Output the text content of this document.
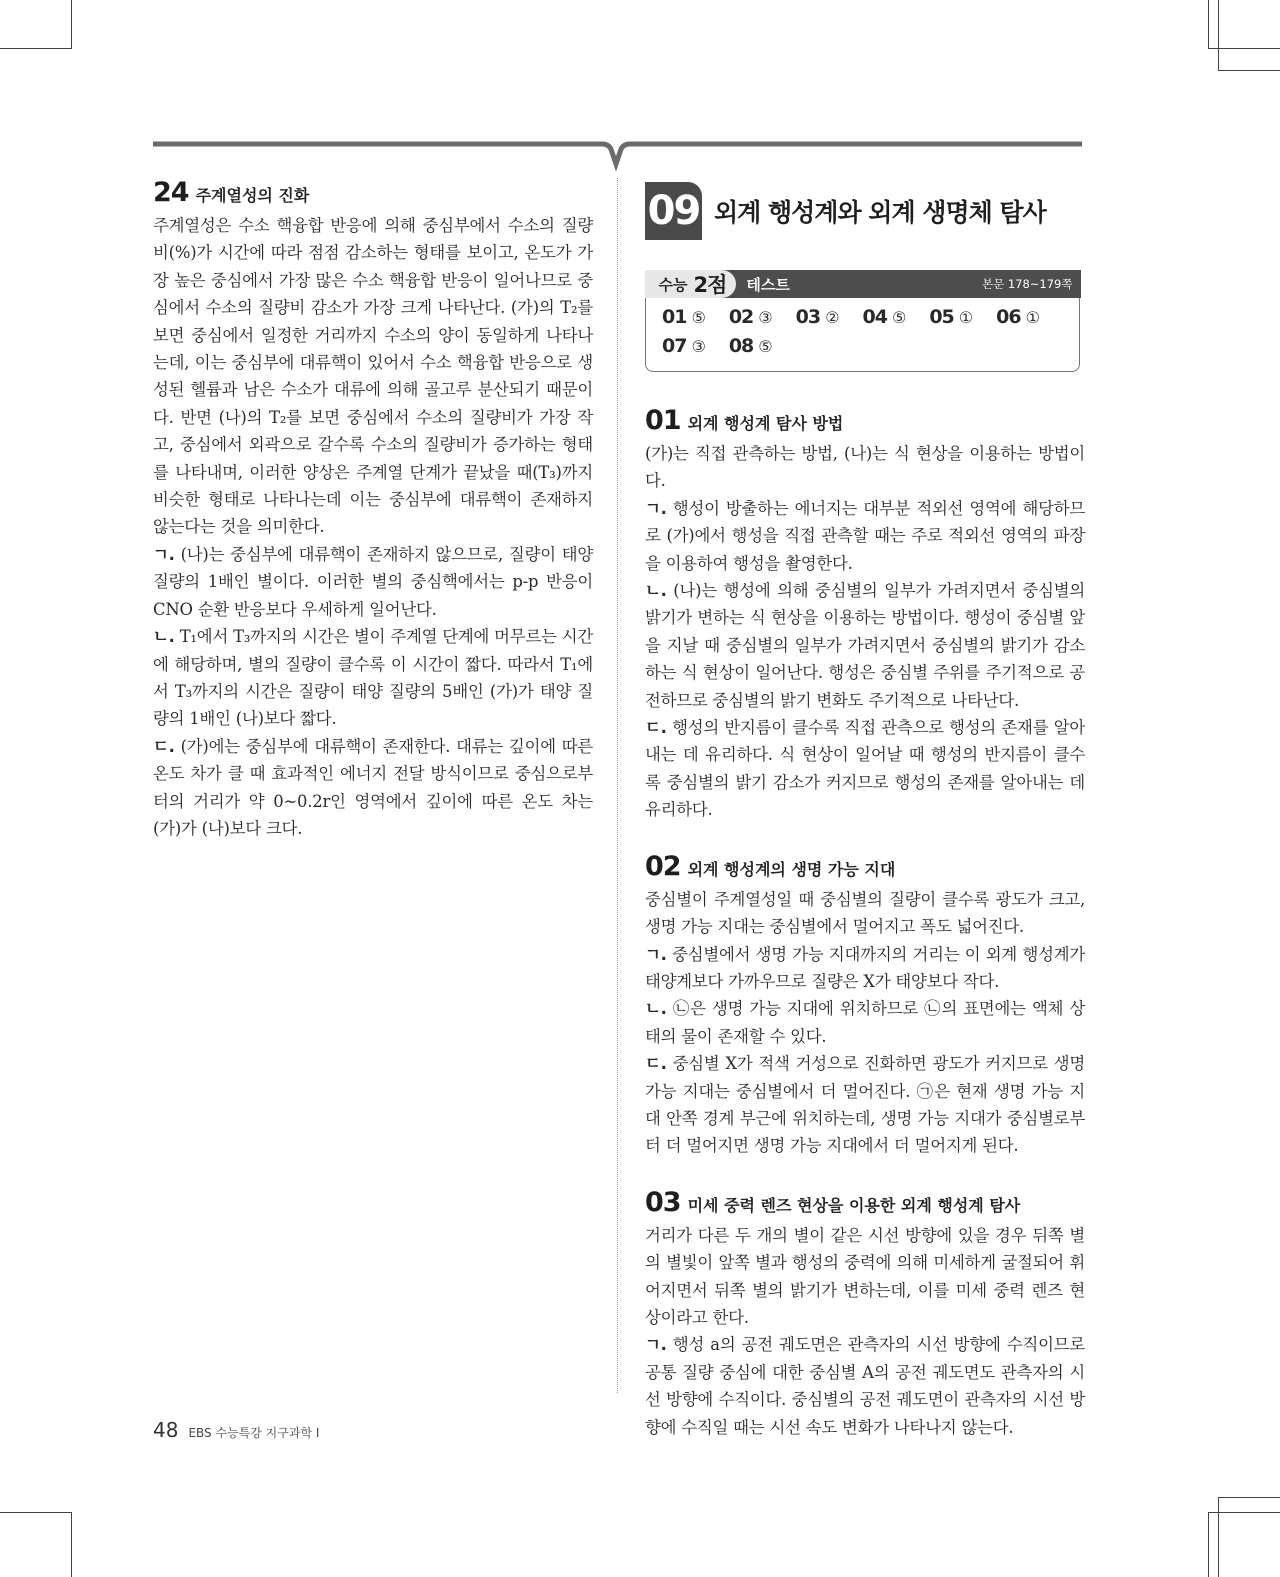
24 주계열성의 진화

주계열성은 수소 핵융합 반응에 의해 중심부에서 수소의 질량비(%)가 시간에 따라 점점 감소하는 형태를 보이고, 온도가 가장 높은 중심에서 가장 많은 수소 핵융합 반응이 일어나므로 중심에서 수소의 질량비 감소가 가장 크게 나타난다. (가)의 T₂를 보면 중심에서 일정한 거리까지 수소의 양이 동일하게 나타나는데, 이는 중심부에 대류핵이 있어서 수소 핵융합 반응으로 생성된 헬륨과 남은 수소가 대류에 의해 골고루 분산되기 때문이다. 반면 (나)의 T₂를 보면 중심에서 수소의 질량비가 가장 작고, 중심에서 외곽으로 갈수록 수소의 질량비가 증가하는 형태를 나타내며, 이러한 양상은 주계열 단계가 끝났을 때(T₃)까지 비슷한 형태로 나타나는데 이는 중심부에 대류핵이 존재하지 않는다는 것을 의미한다.

ㄱ. (나)는 중심부에 대류핵이 존재하지 않으므로, 질량이 태양 질량의 1배인 별이다. 이러한 별의 중심핵에서는 p-p 반응이 CNO 순환 반응보다 우세하게 일어난다.

ㄴ. T₁에서 T₃까지의 시간은 별이 주계열 단계에 머무르는 시간에 해당하며, 별의 질량이 클수록 이 시간이 짧다. 따라서 T₁에서 T₃까지의 시간은 질량이 태양 질량의 5배인 (가)가 태양 질량의 1배인 (나)보다 짧다.

ㄷ. (가)에는 중심부에 대류핵이 존재한다. 대류는 깊이에 따른 온도 차가 클 때 효과적인 에너지 전달 방식이므로 중심으로부터의 거리가 약 0~0.2r인 영역에서 깊이에 따른 온도 차는 (가)가 (나)보다 크다.

09 외계 행성계와 외계 생명체 탐사
수능 2점 테스트	본문 178~179쪽
01 ⑤	02 ③	03 ②	04 ⑤	05 ①	06 ①
07 ③	08 ⑤
01 외계 행성계 탐사 방법

(가)는 직접 관측하는 방법, (나)는 식 현상을 이용하는 방법이다.

ㄱ. 행성이 방출하는 에너지는 대부분 적외선 영역에 해당하므로 (가)에서 행성을 직접 관측할 때는 주로 적외선 영역의 파장을 이용하여 행성을 촬영한다.

ㄴ. (나)는 행성에 의해 중심별의 일부가 가려지면서 중심별의 밝기가 변하는 식 현상을 이용하는 방법이다. 행성이 중심별 앞을 지날 때 중심별의 일부가 가려지면서 중심별의 밝기가 감소하는 식 현상이 일어난다. 행성은 중심별 주위를 주기적으로 공전하므로 중심별의 밝기 변화도 주기적으로 나타난다.

ㄷ. 행성의 반지름이 클수록 직접 관측으로 행성의 존재를 알아내는 데 유리하다. 식 현상이 일어날 때 행성의 반지름이 클수록 중심별의 밝기 감소가 커지므로 행성의 존재를 알아내는 데 유리하다.

02 외계 행성계의 생명 가능 지대

중심별이 주계열성일 때 중심별의 질량이 클수록 광도가 크고, 생명 가능 지대는 중심별에서 멀어지고 폭도 넓어진다.

ㄱ. 중심별에서 생명 가능 지대까지의 거리는 이 외계 행성계가 태양계보다 가까우므로 질량은 X가 태양보다 작다.

ㄴ. ㉡은 생명 가능 지대에 위치하므로 ㉡의 표면에는 액체 상태의 물이 존재할 수 있다.

ㄷ. 중심별 X가 적색 거성으로 진화하면 광도가 커지므로 생명 가능 지대는 중심별에서 더 멀어진다. ㉠은 현재 생명 가능 지대 안쪽 경계 부근에 위치하는데, 생명 가능 지대가 중심별로부터 더 멀어지면 생명 가능 지대에서 더 멀어지게 된다.

03 미세 중력 렌즈 현상을 이용한 외계 행성계 탐사

거리가 다른 두 개의 별이 같은 시선 방향에 있을 경우 뒤쪽 별의 별빛이 앞쪽 별과 행성의 중력에 의해 미세하게 굴절되어 휘어지면서 뒤쪽 별의 밝기가 변하는데, 이를 미세 중력 렌즈 현상이라고 한다.

ㄱ. 행성 a의 공전 궤도면은 관측자의 시선 방향에 수직이므로 공통 질량 중심에 대한 중심별 A의 공전 궤도면도 관측자의 시선 방향에 수직이다. 중심별의 공전 궤도면이 관측자의 시선 방향에 수직일 때는 시선 속도 변화가 나타나지 않는다.

48 EBS 수능특강 지구과학 Ⅰ
